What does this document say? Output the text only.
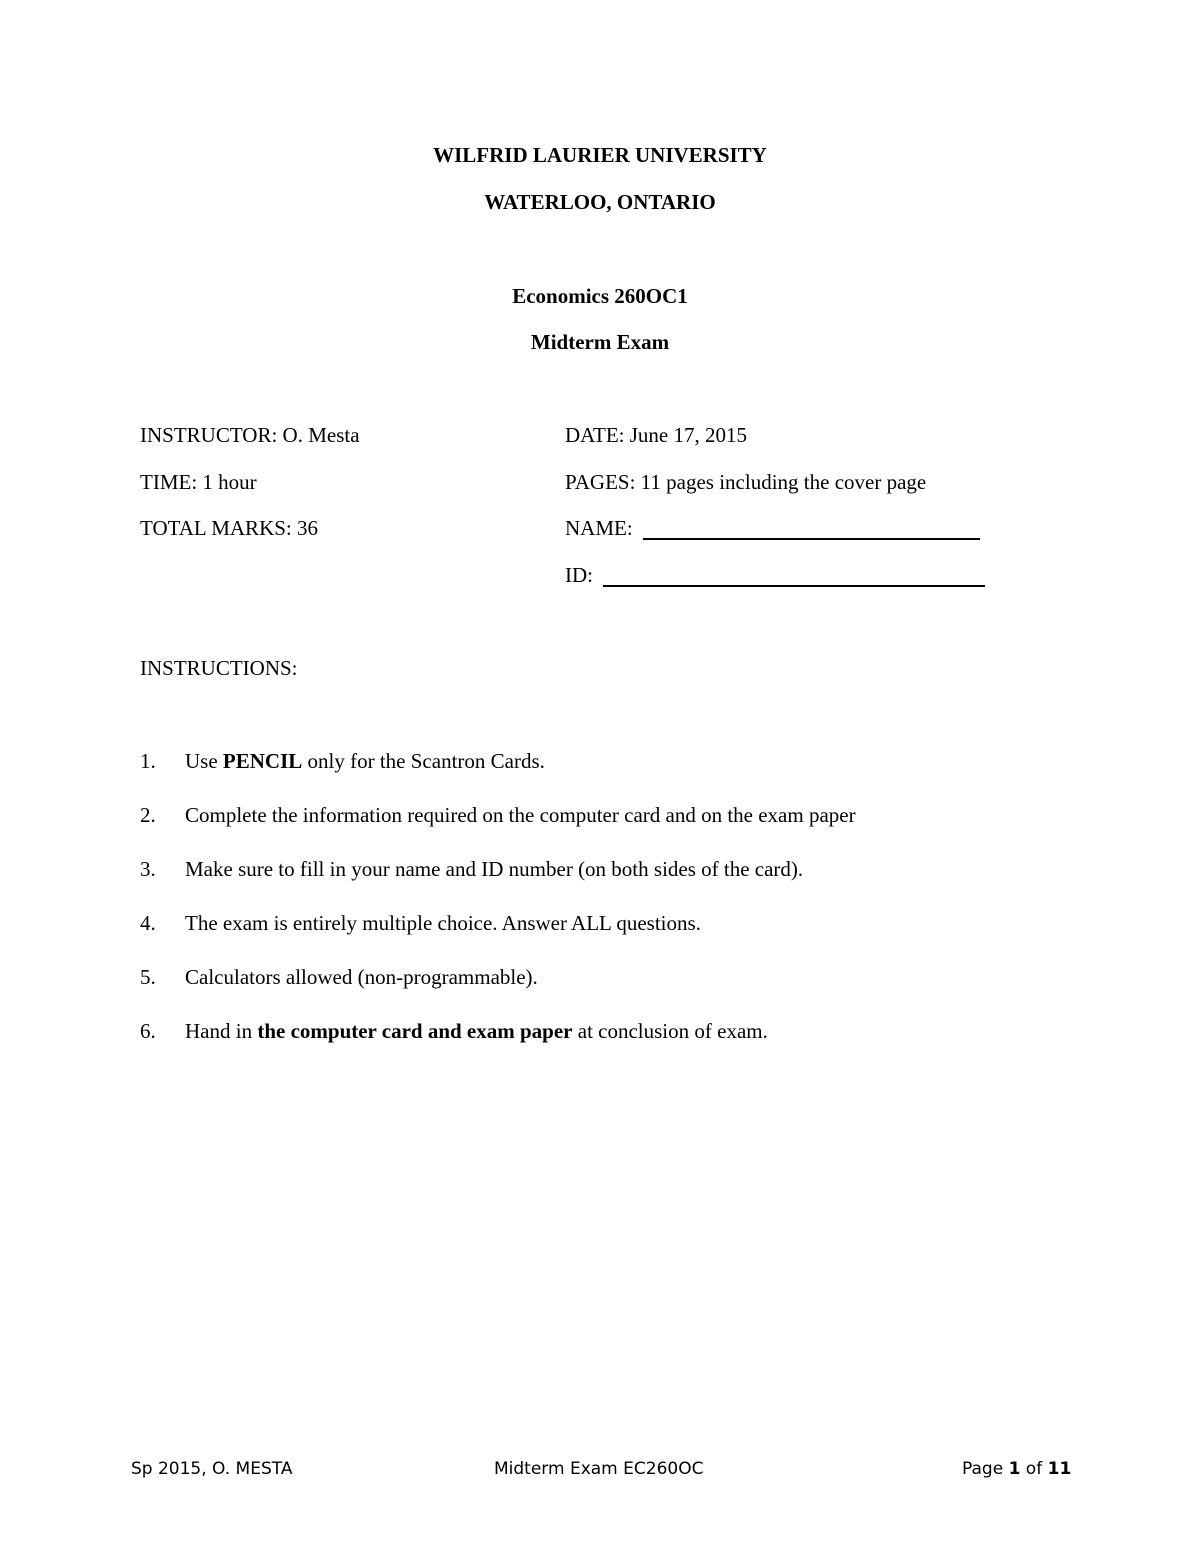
WILFRID LAURIER UNIVERSITY
WATERLOO, ONTARIO
Economics 260OC1
Midterm Exam
INSTRUCTOR: O. Mesta
TIME: 1 hour
TOTAL MARKS: 36
DATE: June 17, 2015
PAGES: 11 pages including the cover page
NAME:
ID:
INSTRUCTIONS:
1. Use PENCIL only for the Scantron Cards.
2. Complete the information required on the computer card and on the exam paper
3. Make sure to fill in your name and ID number (on both sides of the card).
4. The exam is entirely multiple choice. Answer ALL questions.
5. Calculators allowed (non-programmable).
6. Hand in the computer card and exam paper at conclusion of exam.
Sp 2015, O. MESTA	Midterm Exam EC260OC	Page 1 of 11
